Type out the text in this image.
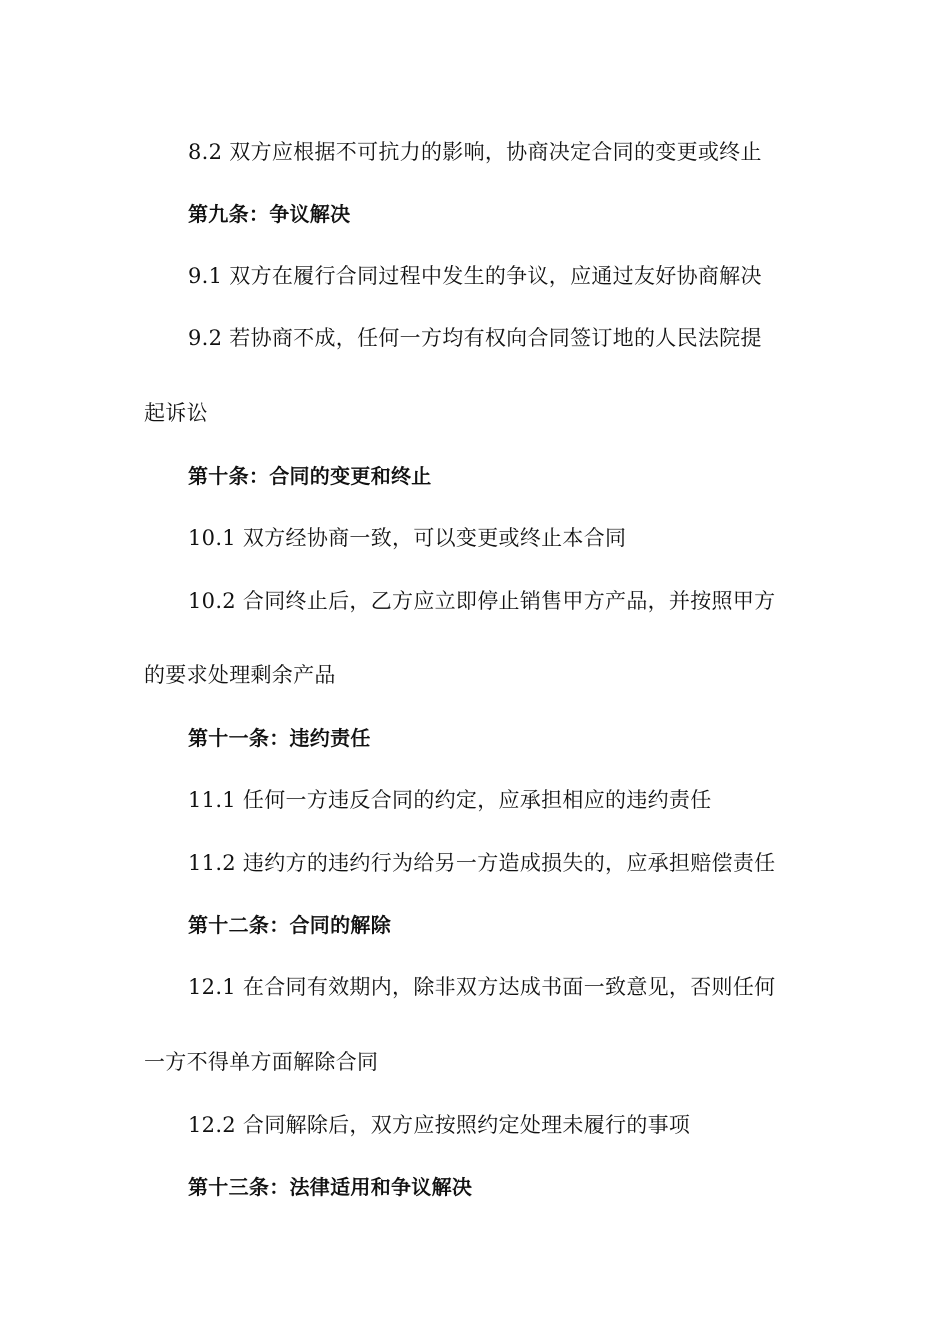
8.2 双方应根据不可抗力的影响，协商决定合同的变更或终止
第九条：争议解决
9.1 双方在履行合同过程中发生的争议，应通过友好协商解决
9.2 若协商不成，任何一方均有权向合同签订地的人民法院提
起诉讼
第十条：合同的变更和终止
10.1 双方经协商一致，可以变更或终止本合同
10.2 合同终止后，乙方应立即停止销售甲方产品，并按照甲方
的要求处理剩余产品
第十一条：违约责任
11.1 任何一方违反合同的约定，应承担相应的违约责任
11.2 违约方的违约行为给另一方造成损失的，应承担赔偿责任
第十二条：合同的解除
12.1 在合同有效期内，除非双方达成书面一致意见，否则任何
一方不得单方面解除合同
12.2 合同解除后，双方应按照约定处理未履行的事项
第十三条：法律适用和争议解决
